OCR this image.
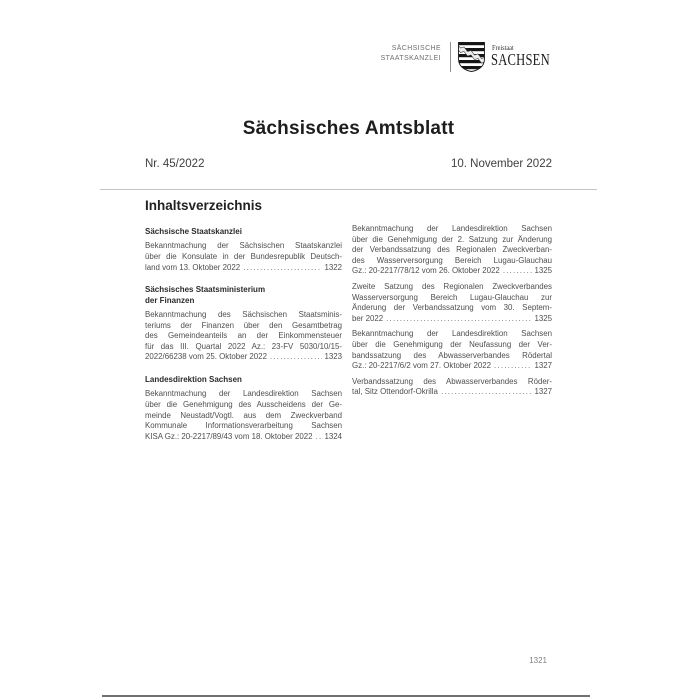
SÄCHSISCHE
STAATSKANZLEI
Freistaat
SACHSEN
Sächsisches Amtsblatt
Nr. 45/2022	10. November 2022
Inhaltsverzeichnis
Sächsische Staatskanzlei
Bekanntmachung der Sächsischen Staatskanzlei
über die Konsulate in der Bundesrepublik Deutsch-
land vom 13. Oktober 2022 .....	1322
Sächsisches Staatsministerium
der Finanzen
Bekanntmachung des Sächsischen Staatsminis-
teriums der Finanzen über den Gesamtbetrag
des Gemeindeanteils an der Einkommensteuer
für das III. Quartal 2022 Az.: 23-FV 5030/10/15-
2022/66238 vom 25. Oktober 2022 .....	1323
Landesdirektion Sachsen
Bekanntmachung der Landesdirektion Sachsen
über die Genehmigung des Ausscheidens der Ge-
meinde Neustadt/Vogtl. aus dem Zweckverband
Kommunale Informationsverarbeitung Sachsen
KISA Gz.: 20-2217/89/43 vom 18. Oktober 2022 ..... 1324
Bekanntmachung der Landesdirektion Sachsen
über die Genehmigung der 2. Satzung zur Änderung
der Verbandssatzung des Regionalen Zweckverban-
des Wasserversorgung Bereich Lugau-Glauchau
Gz.: 20-2217/78/12 vom 26. Oktober 2022 .....	1325
Zweite Satzung des Regionalen Zweckverbandes
Wasserversorgung Bereich Lugau-Glauchau zur
Änderung der Verbandssatzung vom 30. Septem-
ber 2022 .....	1325
Bekanntmachung der Landesdirektion Sachsen
über die Genehmigung der Neufassung der Ver-
bandssatzung des Abwasserverbandes Rödertal
Gz.: 20-2217/6/2 vom 27. Oktober 2022 .....	1327
Verbandssatzung des Abwasserverbandes Röder-
tal, Sitz Ottendorf-Okrilla .....	1327
1321
